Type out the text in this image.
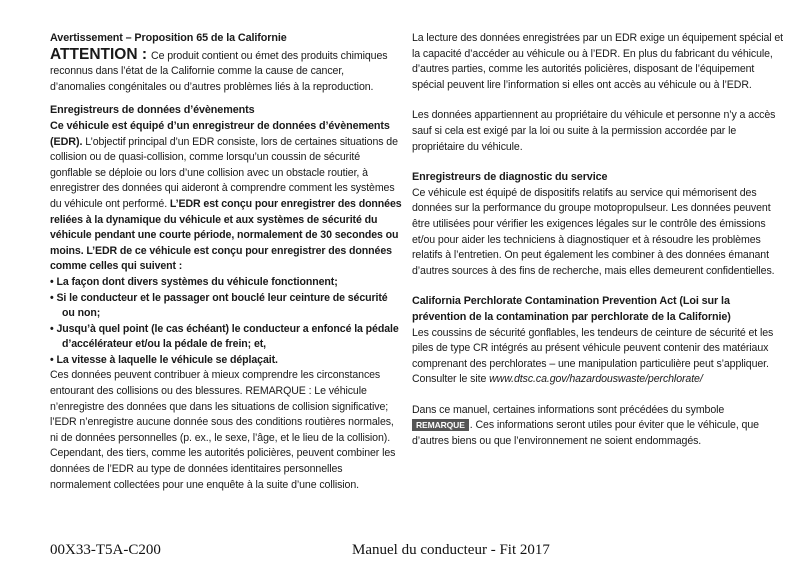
Avertissement – Proposition 65 de la Californie

ATTENTION : Ce produit contient ou émet des produits chimiques reconnus dans l’état de la Californie comme la cause de cancer, d’anomalies congénitales ou d’autres problèmes liés à la reproduction.

Enregistreurs de données d’évènements

Ce véhicule est équipé d’un enregistreur de données d’évènements (EDR). L’objectif principal d’un EDR consiste, lors de certaines situations de collision ou de quasi-collision, comme lorsqu’un coussin de sécurité gonflable se déploie ou lors d’une collision avec un obstacle routier, à enregistrer des données qui aideront à comprendre comment les systèmes du véhicule ont performé. L’EDR est conçu pour enregistrer des données reliées à la dynamique du véhicule et aux systèmes de sécurité du véhicule pendant une courte période, normalement de 30 secondes ou moins. L’EDR de ce véhicule est conçu pour enregistrer des données comme celles qui suivent :

• La façon dont divers systèmes du véhicule fonctionnent;
• Si le conducteur et le passager ont bouclé leur ceinture de sécurité ou non;
• Jusqu’à quel point (le cas échéant) le conducteur a enfoncé la pédale d’accélérateur et/ou la pédale de frein; et,
• La vitesse à laquelle le véhicule se déplaçait.

Ces données peuvent contribuer à mieux comprendre les circonstances entourant des collisions ou des blessures. REMARQUE : Le véhicule n’enregistre des données que dans les situations de collision significative; l’EDR n’enregistre aucune donnée sous des conditions routières normales, ni de données personnelles (p. ex., le sexe, l’âge, et le lieu de la collision). Cependant, des tiers, comme les autorités policières, peuvent combiner les données de l’EDR au type de données identitaires personnelles normalement collectées pour une enquête à la suite d’une collision.

La lecture des données enregistrées par un EDR exige un équipement spécial et la capacité d’accéder au véhicule ou à l’EDR. En plus du fabricant du véhicule, d’autres parties, comme les autorités policières, disposant de l’équipement spécial peuvent lire l’information si elles ont accès au véhicule ou à l’EDR.

Les données appartiennent au propriétaire du véhicule et personne n’y a accès sauf si cela est exigé par la loi ou suite à la permission accordée par le propriétaire du véhicule.

Enregistreurs de diagnostic du service

Ce véhicule est équipé de dispositifs relatifs au service qui mémorisent des données sur la performance du groupe motopropulseur. Les données peuvent être utilisées pour vérifier les exigences légales sur le contrôle des émissions et/ou pour aider les techniciens à diagnostiquer et à résoudre les problèmes relatifs à l’entretien. On peut également les combiner à des données émanant d’autres sources à des fins de recherche, mais elles demeurent confidentielles.

California Perchlorate Contamination Prevention Act (Loi sur la prévention de la contamination par perchlorate de la Californie)

Les coussins de sécurité gonflables, les tendeurs de ceinture de sécurité et les piles de type CR intégrés au présent véhicule peuvent contenir des matériaux comprenant des perchlorates – une manipulation particulière peut s’appliquer. Consulter le site www.dtsc.ca.gov/hazardouswaste/perchlorate/

Dans ce manuel, certaines informations sont précédées du symbole REMARQUE . Ces informations seront utiles pour éviter que le véhicule, que d’autres biens ou que l’environnement ne soient endommagés.

00X33-T5A-C200	Manuel du conducteur - Fit 2017
